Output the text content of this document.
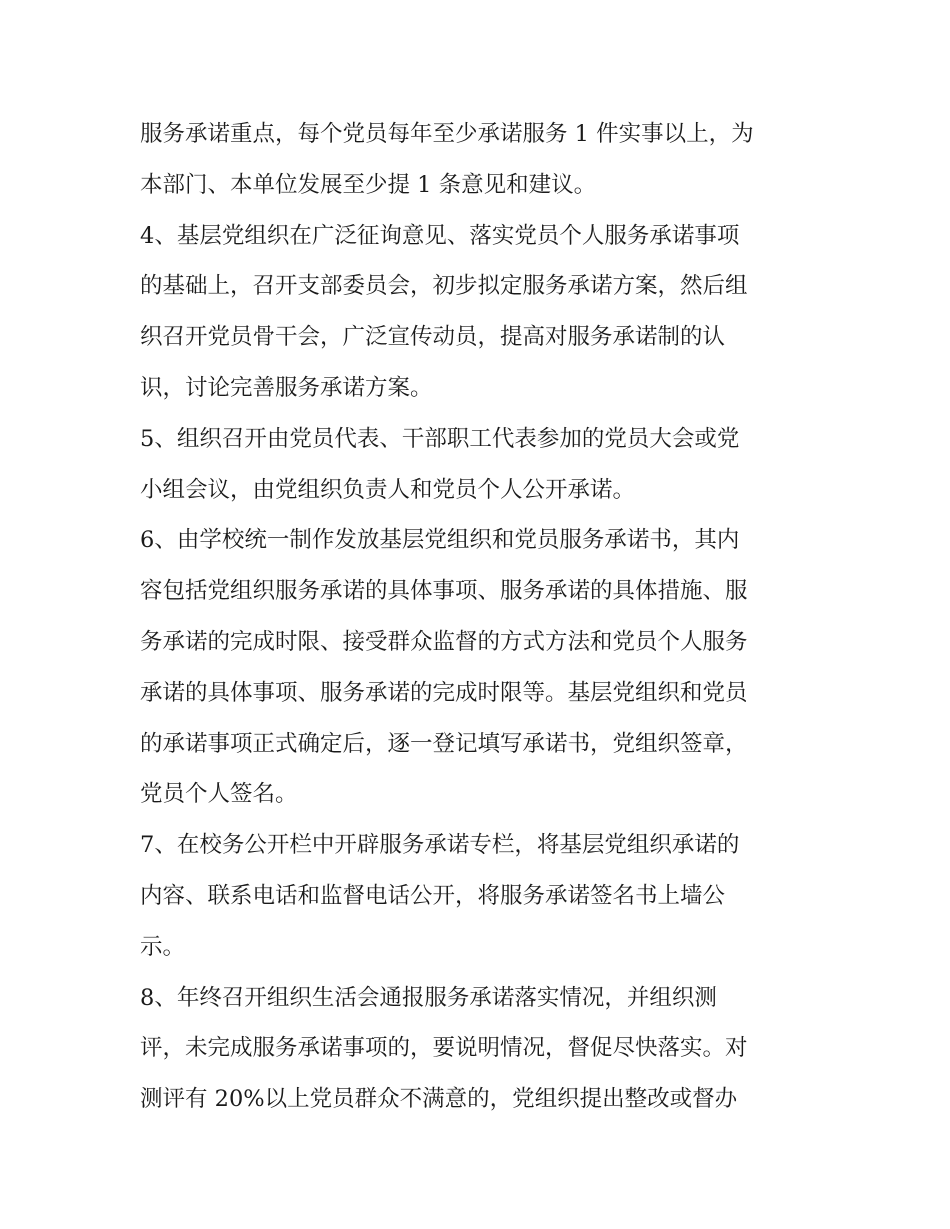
服务承诺重点，每个党员每年至少承诺服务 1 件实事以上，为
本部门、本单位发展至少提 1 条意见和建议。
4、基层党组织在广泛征询意见、落实党员个人服务承诺事项
的基础上，召开支部委员会，初步拟定服务承诺方案，然后组
织召开党员骨干会，广泛宣传动员，提高对服务承诺制的认
识，讨论完善服务承诺方案。
5、组织召开由党员代表、干部职工代表参加的党员大会或党
小组会议，由党组织负责人和党员个人公开承诺。
6、由学校统一制作发放基层党组织和党员服务承诺书，其内
容包括党组织服务承诺的具体事项、服务承诺的具体措施、服
务承诺的完成时限、接受群众监督的方式方法和党员个人服务
承诺的具体事项、服务承诺的完成时限等。基层党组织和党员
的承诺事项正式确定后，逐一登记填写承诺书，党组织签章，
党员个人签名。
7、在校务公开栏中开辟服务承诺专栏，将基层党组织承诺的
内容、联系电话和监督电话公开，将服务承诺签名书上墙公
示。
8、年终召开组织生活会通报服务承诺落实情况，并组织测
评，未完成服务承诺事项的，要说明情况，督促尽快落实。对
测评有 20%以上党员群众不满意的，党组织提出整改或督办
